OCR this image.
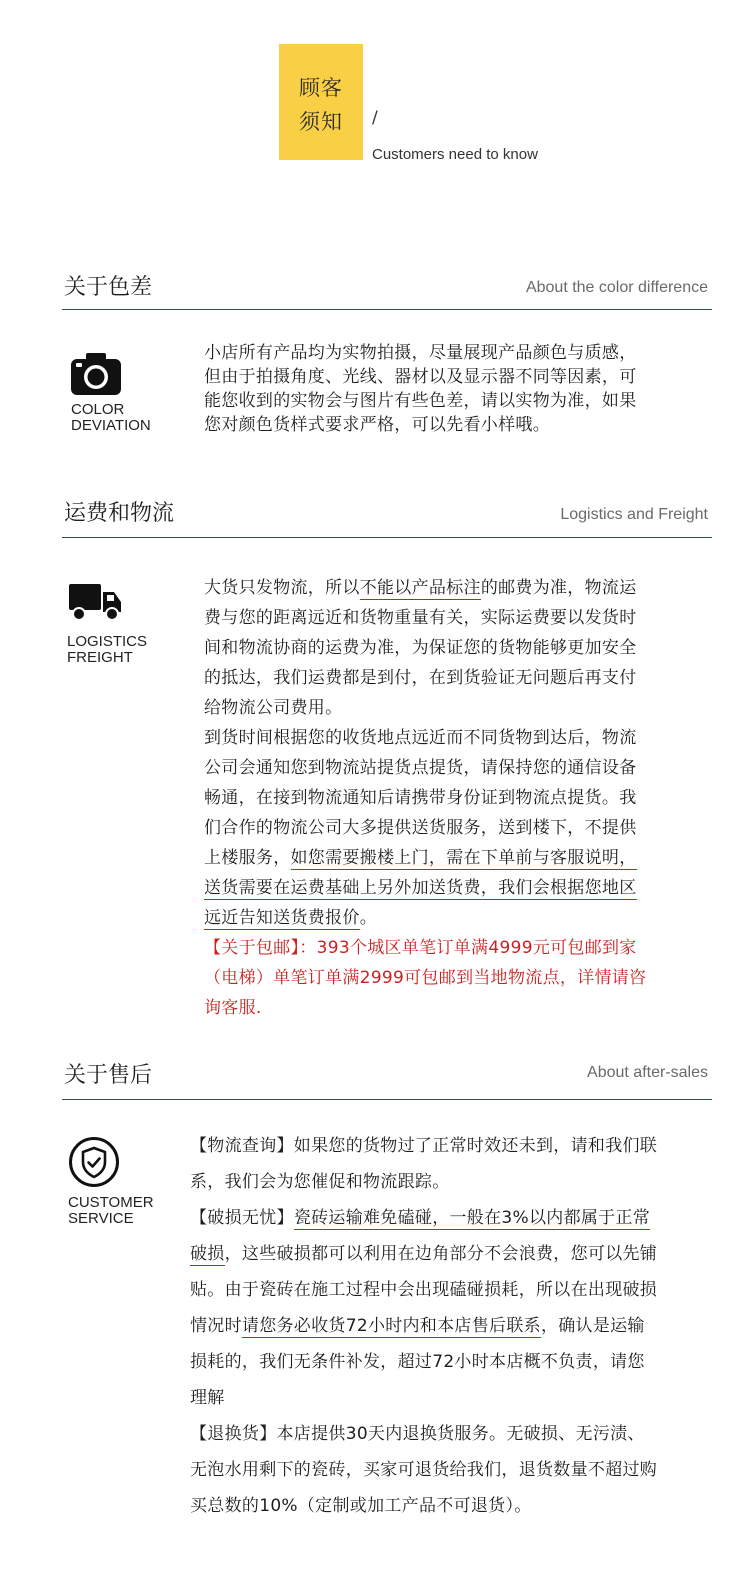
顾客
须知	/
Customers need to know
关于色差	About the color difference
COLOR
DEVIATION

小店所有产品均为实物拍摄，尽量展现产品颜色与质感，

但由于拍摄角度、光线、器材以及显示器不同等因素，可

能您收到的实物会与图片有些色差，请以实物为准，如果

您对颜色货样式要求严格，可以先看小样哦。

运费和物流	Logistics and Freight
LOGISTICS
FREIGHT

大货只发物流，所以不能以产品标注的邮费为准，物流运

费与您的距离远近和货物重量有关，实际运费要以发货时

间和物流协商的运费为准，为保证您的货物能够更加安全

的抵达，我们运费都是到付，在到货验证无问题后再支付

给物流公司费用。

到货时间根据您的收货地点远近而不同货物到达后，物流

公司会通知您到物流站提货点提货，请保持您的通信设备

畅通，在接到物流通知后请携带身份证到物流点提货。我

们合作的物流公司大多提供送货服务，送到楼下，不提供

上楼服务，如您需要搬楼上门，需在下单前与客服说明，

送货需要在运费基础上另外加送货费，我们会根据您地区

远近告知送货费报价。

【关于包邮】：393个城区单笔订单满4999元可包邮到家

（电梯）单笔订单满2999可包邮到当地物流点，详情请咨

询客服.

关于售后	About after-sales
CUSTOMER
SERVICE

【物流查询】如果您的货物过了正常时效还未到，请和我们联

系，我们会为您催促和物流跟踪。

【破损无忧】瓷砖运输难免磕碰，一般在3%以内都属于正常

破损，这些破损都可以利用在边角部分不会浪费，您可以先铺

贴。由于瓷砖在施工过程中会出现磕碰损耗，所以在出现破损

情况时请您务必收货72小时内和本店售后联系，确认是运输

损耗的，我们无条件补发，超过72小时本店概不负责，请您

理解

【退换货】本店提供30天内退换货服务。无破损、无污渍、

无泡水用剩下的瓷砖，买家可退货给我们，退货数量不超过购

买总数的10%（定制或加工产品不可退货）。
